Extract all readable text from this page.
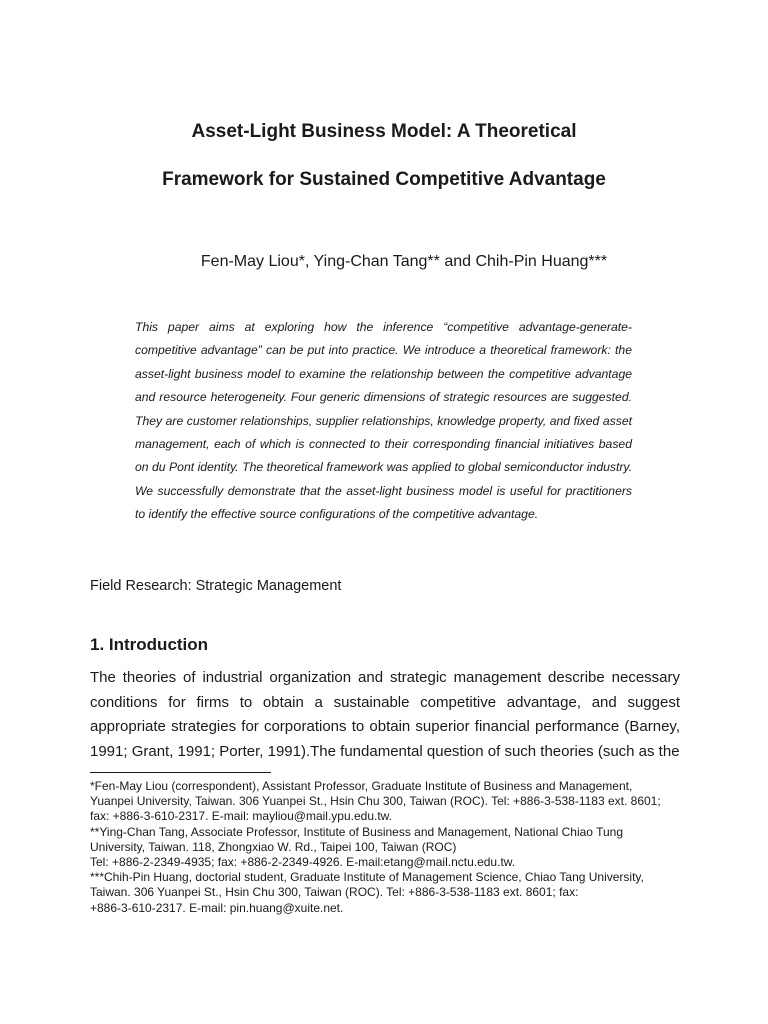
Asset-Light Business Model: A Theoretical
Framework for Sustained Competitive Advantage
Fen-May Liou*, Ying-Chan Tang** and Chih-Pin Huang***

This paper aims at exploring how the inference “competitive advantage-generate-competitive advantage” can be put into practice. We introduce a theoretical framework: the asset-light business model to examine the relationship between the competitive advantage and resource heterogeneity. Four generic dimensions of strategic resources are suggested. They are customer relationships, supplier relationships, knowledge property, and fixed asset management, each of which is connected to their corresponding financial initiatives based on du Pont identity. The theoretical framework was applied to global semiconductor industry. We successfully demonstrate that the asset-light business model is useful for practitioners to identify the effective source configurations of the competitive advantage.

Field Research: Strategic Management
1. Introduction

The theories of industrial organization and strategic management describe necessary conditions for firms to obtain a sustainable competitive advantage, and suggest appropriate strategies for corporations to obtain superior financial performance (Barney, 1991; Grant, 1991; Porter, 1991).The fundamental question of such theories (such as the

*Fen-May Liou (correspondent), Assistant Professor, Graduate Institute of Business and Management,
Yuanpei University, Taiwan. 306 Yuanpei St., Hsin Chu 300, Taiwan (ROC). Tel: +886-3-538-1183 ext. 8601;
fax: +886-3-610-2317. E-mail: mayliou@mail.ypu.edu.tw.
**Ying-Chan Tang, Associate Professor, Institute of Business and Management, National Chiao Tung
University, Taiwan. 118, Zhongxiao W. Rd., Taipei 100, Taiwan (ROC)
Tel: +886-2-2349-4935; fax: +886-2-2349-4926. E-mail:etang@mail.nctu.edu.tw.
***Chih-Pin Huang, doctorial student, Graduate Institute of Management Science, Chiao Tang University,
Taiwan. 306 Yuanpei St., Hsin Chu 300, Taiwan (ROC). Tel: +886-3-538-1183 ext. 8601; fax:
+886-3-610-2317. E-mail: pin.huang@xuite.net.
